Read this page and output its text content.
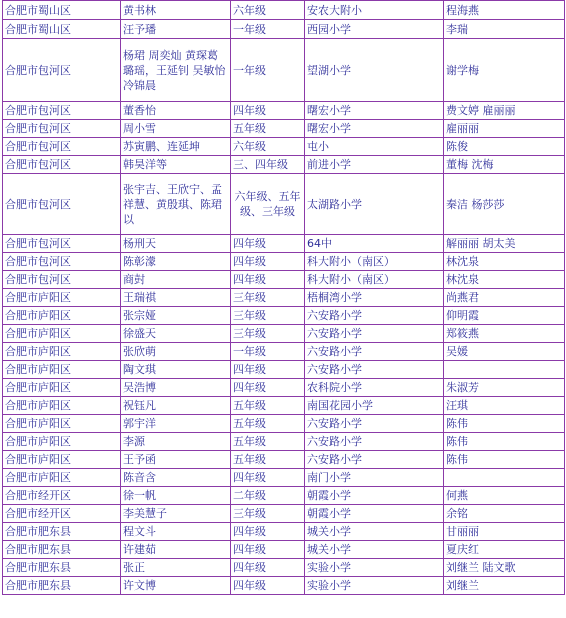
合肥市蜀山区	黄书林	六年级	安农大附小	程海燕
合肥市蜀山区	汪予璠	一年级	西园小学	李瑞
合肥市包河区	杨珺 周奕灿 黄琛葛璐瑶，王延钊 吴敏怡 冷锦晨	一年级	望湖小学	谢学梅
合肥市包河区	董香怡	四年级	曙宏小学	费文婷 雇丽丽
合肥市包河区	周小雪	五年级	曙宏小学	雇丽丽
合肥市包河区	苏寅鹏、连延坤	六年级	屯小	陈俊
合肥市包河区	韩昊洋等	三、四年级	前进小学	董梅 沈梅
合肥市包河区	张宇吉、王欣宁、孟祥慧、黄殷琪、陈珺以	六年级、五年级、三年级	太湖路小学	秦洁 杨莎莎
合肥市包河区	杨刑天	四年级	64中	解丽丽 胡太美
合肥市包河区	陈彰濛	四年级	科大附小（南区）	林沈泉
合肥市包河区	商尌	四年级	科大附小（南区）	林沈泉
合肥市庐阳区	王瑞祺	三年级	梧桐湾小学	尚燕君
合肥市庐阳区	张宗娅	三年级	六安路小学	仰明霞
合肥市庐阳区	徐盛天	三年级	六安路小学	郑筱燕
合肥市庐阳区	张欣萌	一年级	六安路小学	吴媛
合肥市庐阳区	陶文琪	四年级	六安路小学	
合肥市庐阳区	吴浩博	四年级	农科院小学	朱淑芳
合肥市庐阳区	祝钰凡	五年级	南国花园小学	汪琪
合肥市庐阳区	郭宇洋	五年级	六安路小学	陈伟
合肥市庐阳区	李源	五年级	六安路小学	陈伟
合肥市庐阳区	王予函	五年级	六安路小学	陈伟
合肥市庐阳区	陈音含	四年级	南门小学	
合肥市经开区	徐一帆	二年级	朝霞小学	何燕
合肥市经开区	李美慧子	三年级	朝霞小学	余铭
合肥市肥东县	程文斗	四年级	城关小学	甘丽丽
合肥市肥东县	许建茹	四年级	城关小学	夏庆红
合肥市肥东县	张正	四年级	实验小学	刘继兰 陆文歌
合肥市肥东县	许文博	四年级	实验小学	刘继兰
